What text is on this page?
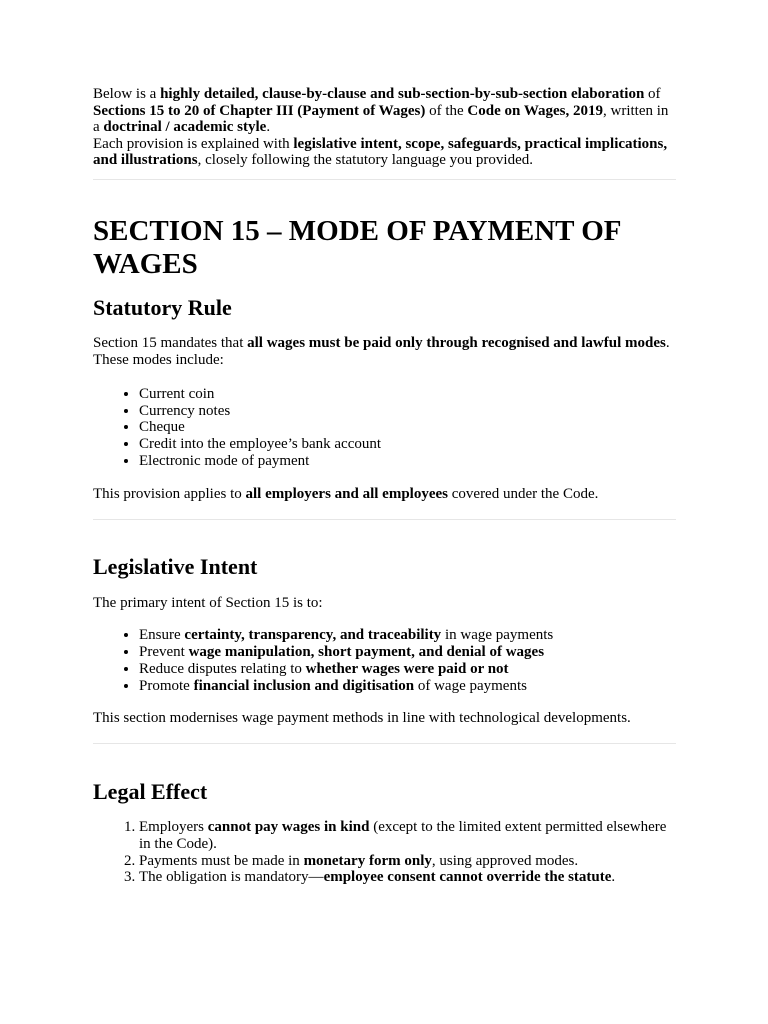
Below is a highly detailed, clause-by-clause and sub-section-by-sub-section elaboration of Sections 15 to 20 of Chapter III (Payment of Wages) of the Code on Wages, 2019, written in a doctrinal / academic style.

Each provision is explained with legislative intent, scope, safeguards, practical implications, and illustrations, closely following the statutory language you provided.

SECTION 15 – MODE OF PAYMENT OF WAGES
Statutory Rule

Section 15 mandates that all wages must be paid only through recognised and lawful modes. These modes include:

• Current coin
• Currency notes
• Cheque
• Credit into the employee’s bank account
• Electronic mode of payment

This provision applies to all employers and all employees covered under the Code.

Legislative Intent

The primary intent of Section 15 is to:

• Ensure certainty, transparency, and traceability in wage payments
• Prevent wage manipulation, short payment, and denial of wages
• Reduce disputes relating to whether wages were paid or not
• Promote financial inclusion and digitisation of wage payments

This section modernises wage payment methods in line with technological developments.

Legal Effect
1. Employers cannot pay wages in kind (except to the limited extent permitted elsewhere in the Code).
2. Payments must be made in monetary form only, using approved modes.
3. The obligation is mandatory—employee consent cannot override the statute.
